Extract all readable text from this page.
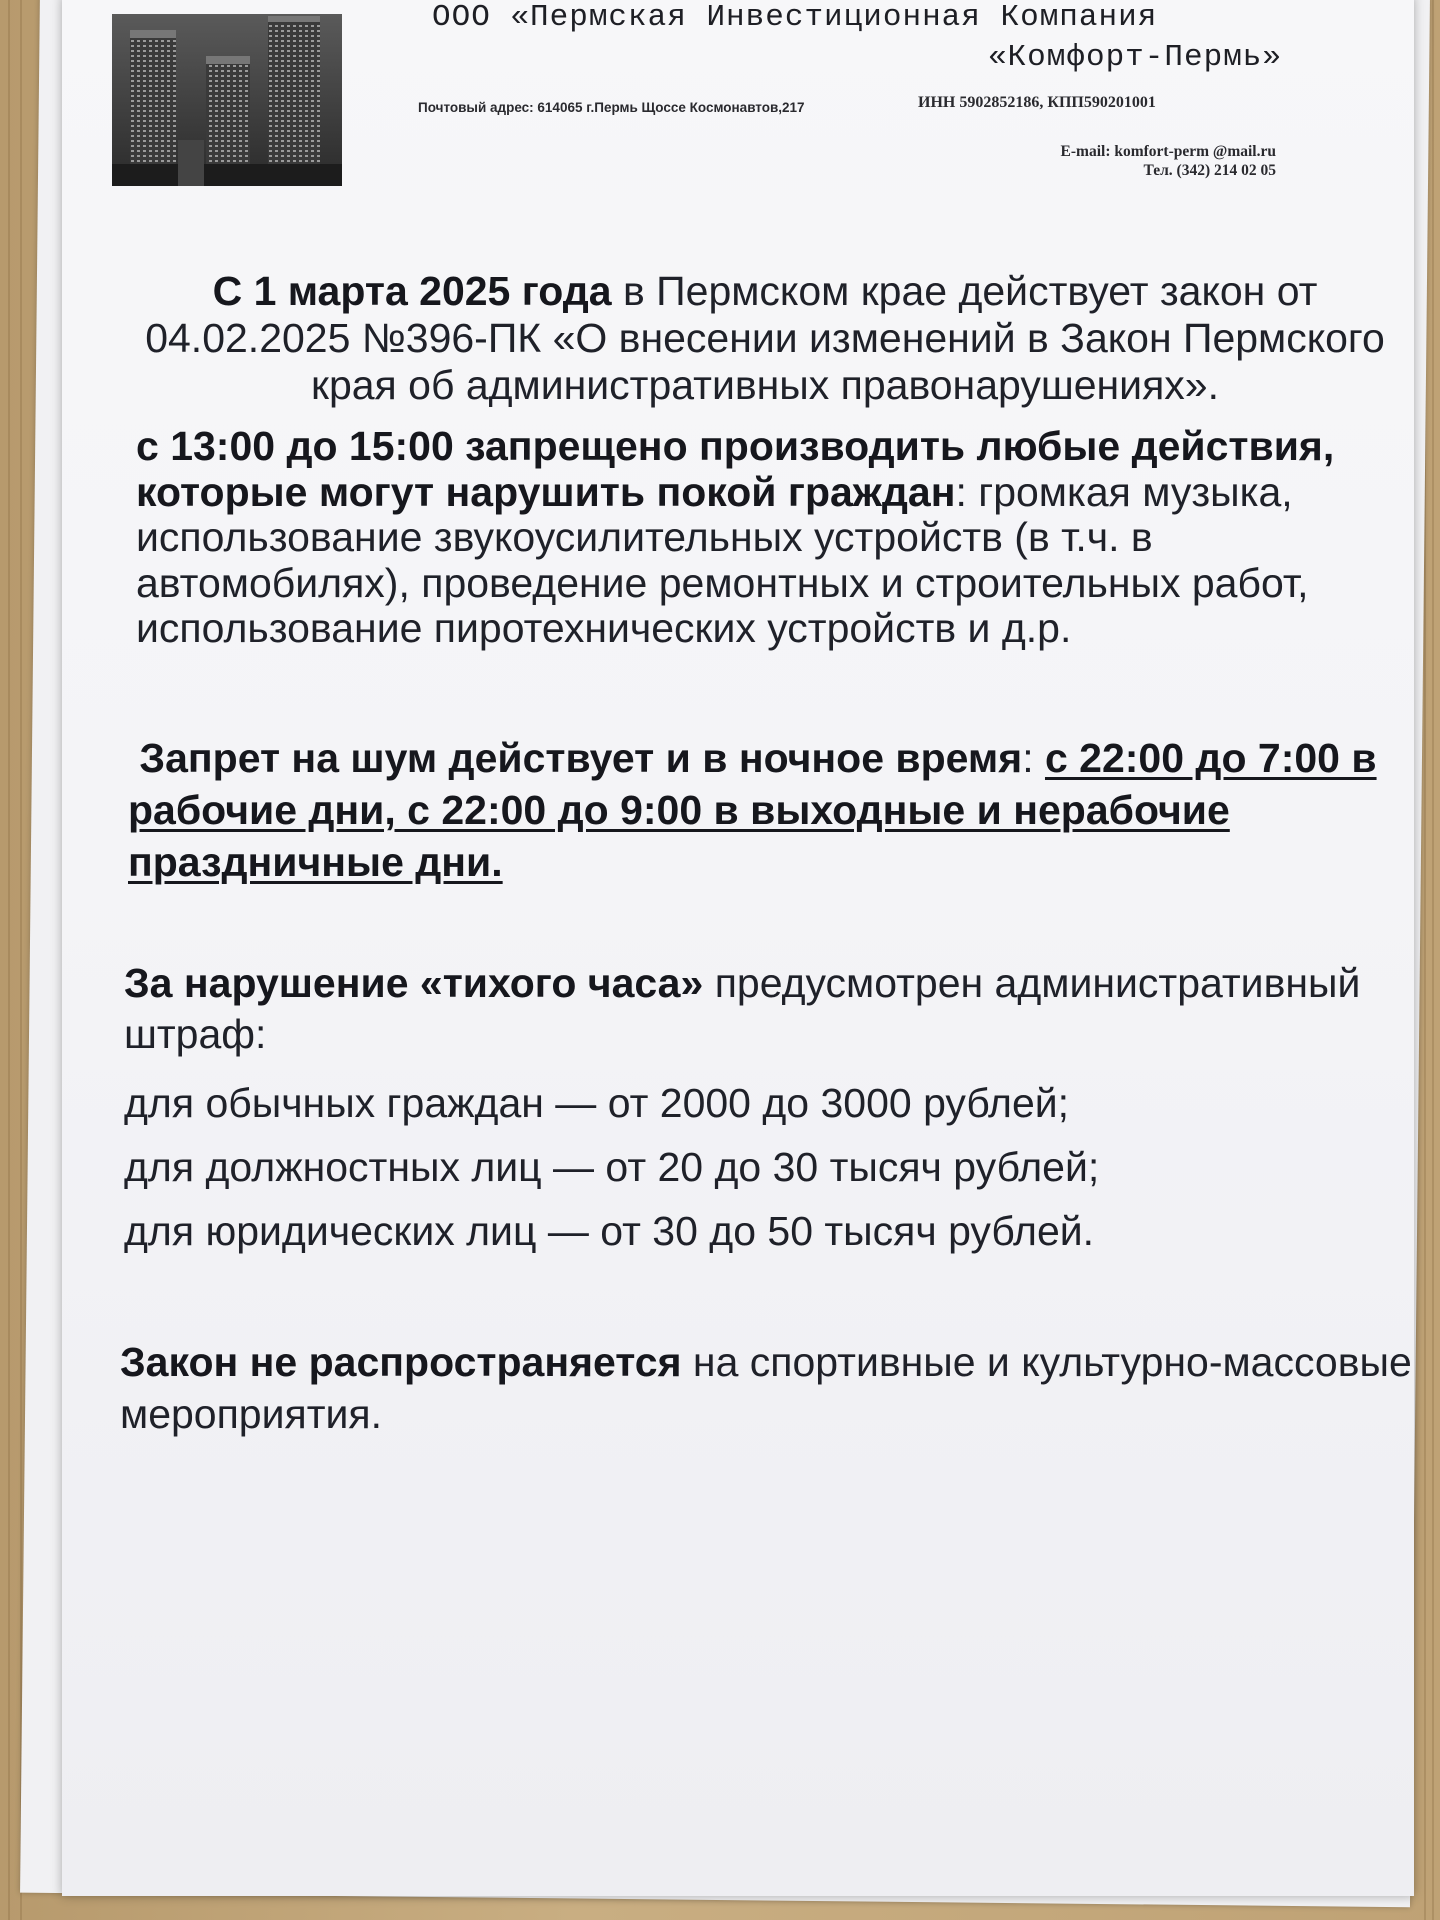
ООО «Пермская Инвестиционная Компания
«Комфорт-Пермь»
Почтовый адрес: 614065 г.Пермь Щоссе Космонавтов,217	ИНН 5902852186, КПП590201001
E-mail: komfort-perm @mail.ru
Тел. (342) 214 02 05
С 1 марта 2025 года в Пермском крае действует закон от 04.02.2025 №396-ПК «О внесении изменений в Закон Пермского края об административных правонарушениях».
с 13:00 до 15:00 запрещено производить любые действия, которые могут нарушить покой граждан: громкая музыка, использование звукоусилительных устройств (в т.ч. в автомобилях), проведение ремонтных и строительных работ, использование пиротехнических устройств и д.р.
Запрет на шум действует и в ночное время: с 22:00 до 7:00 в рабочие дни, с 22:00 до 9:00 в выходные и нерабочие праздничные дни.
За нарушение «тихого часа» предусмотрен административный штраф:
для обычных граждан — от 2000 до 3000 рублей;
для должностных лиц — от 20 до 30 тысяч рублей;
для юридических лиц — от 30 до 50 тысяч рублей.
Закон не распространяется на спортивные и культурно-массовые мероприятия.
